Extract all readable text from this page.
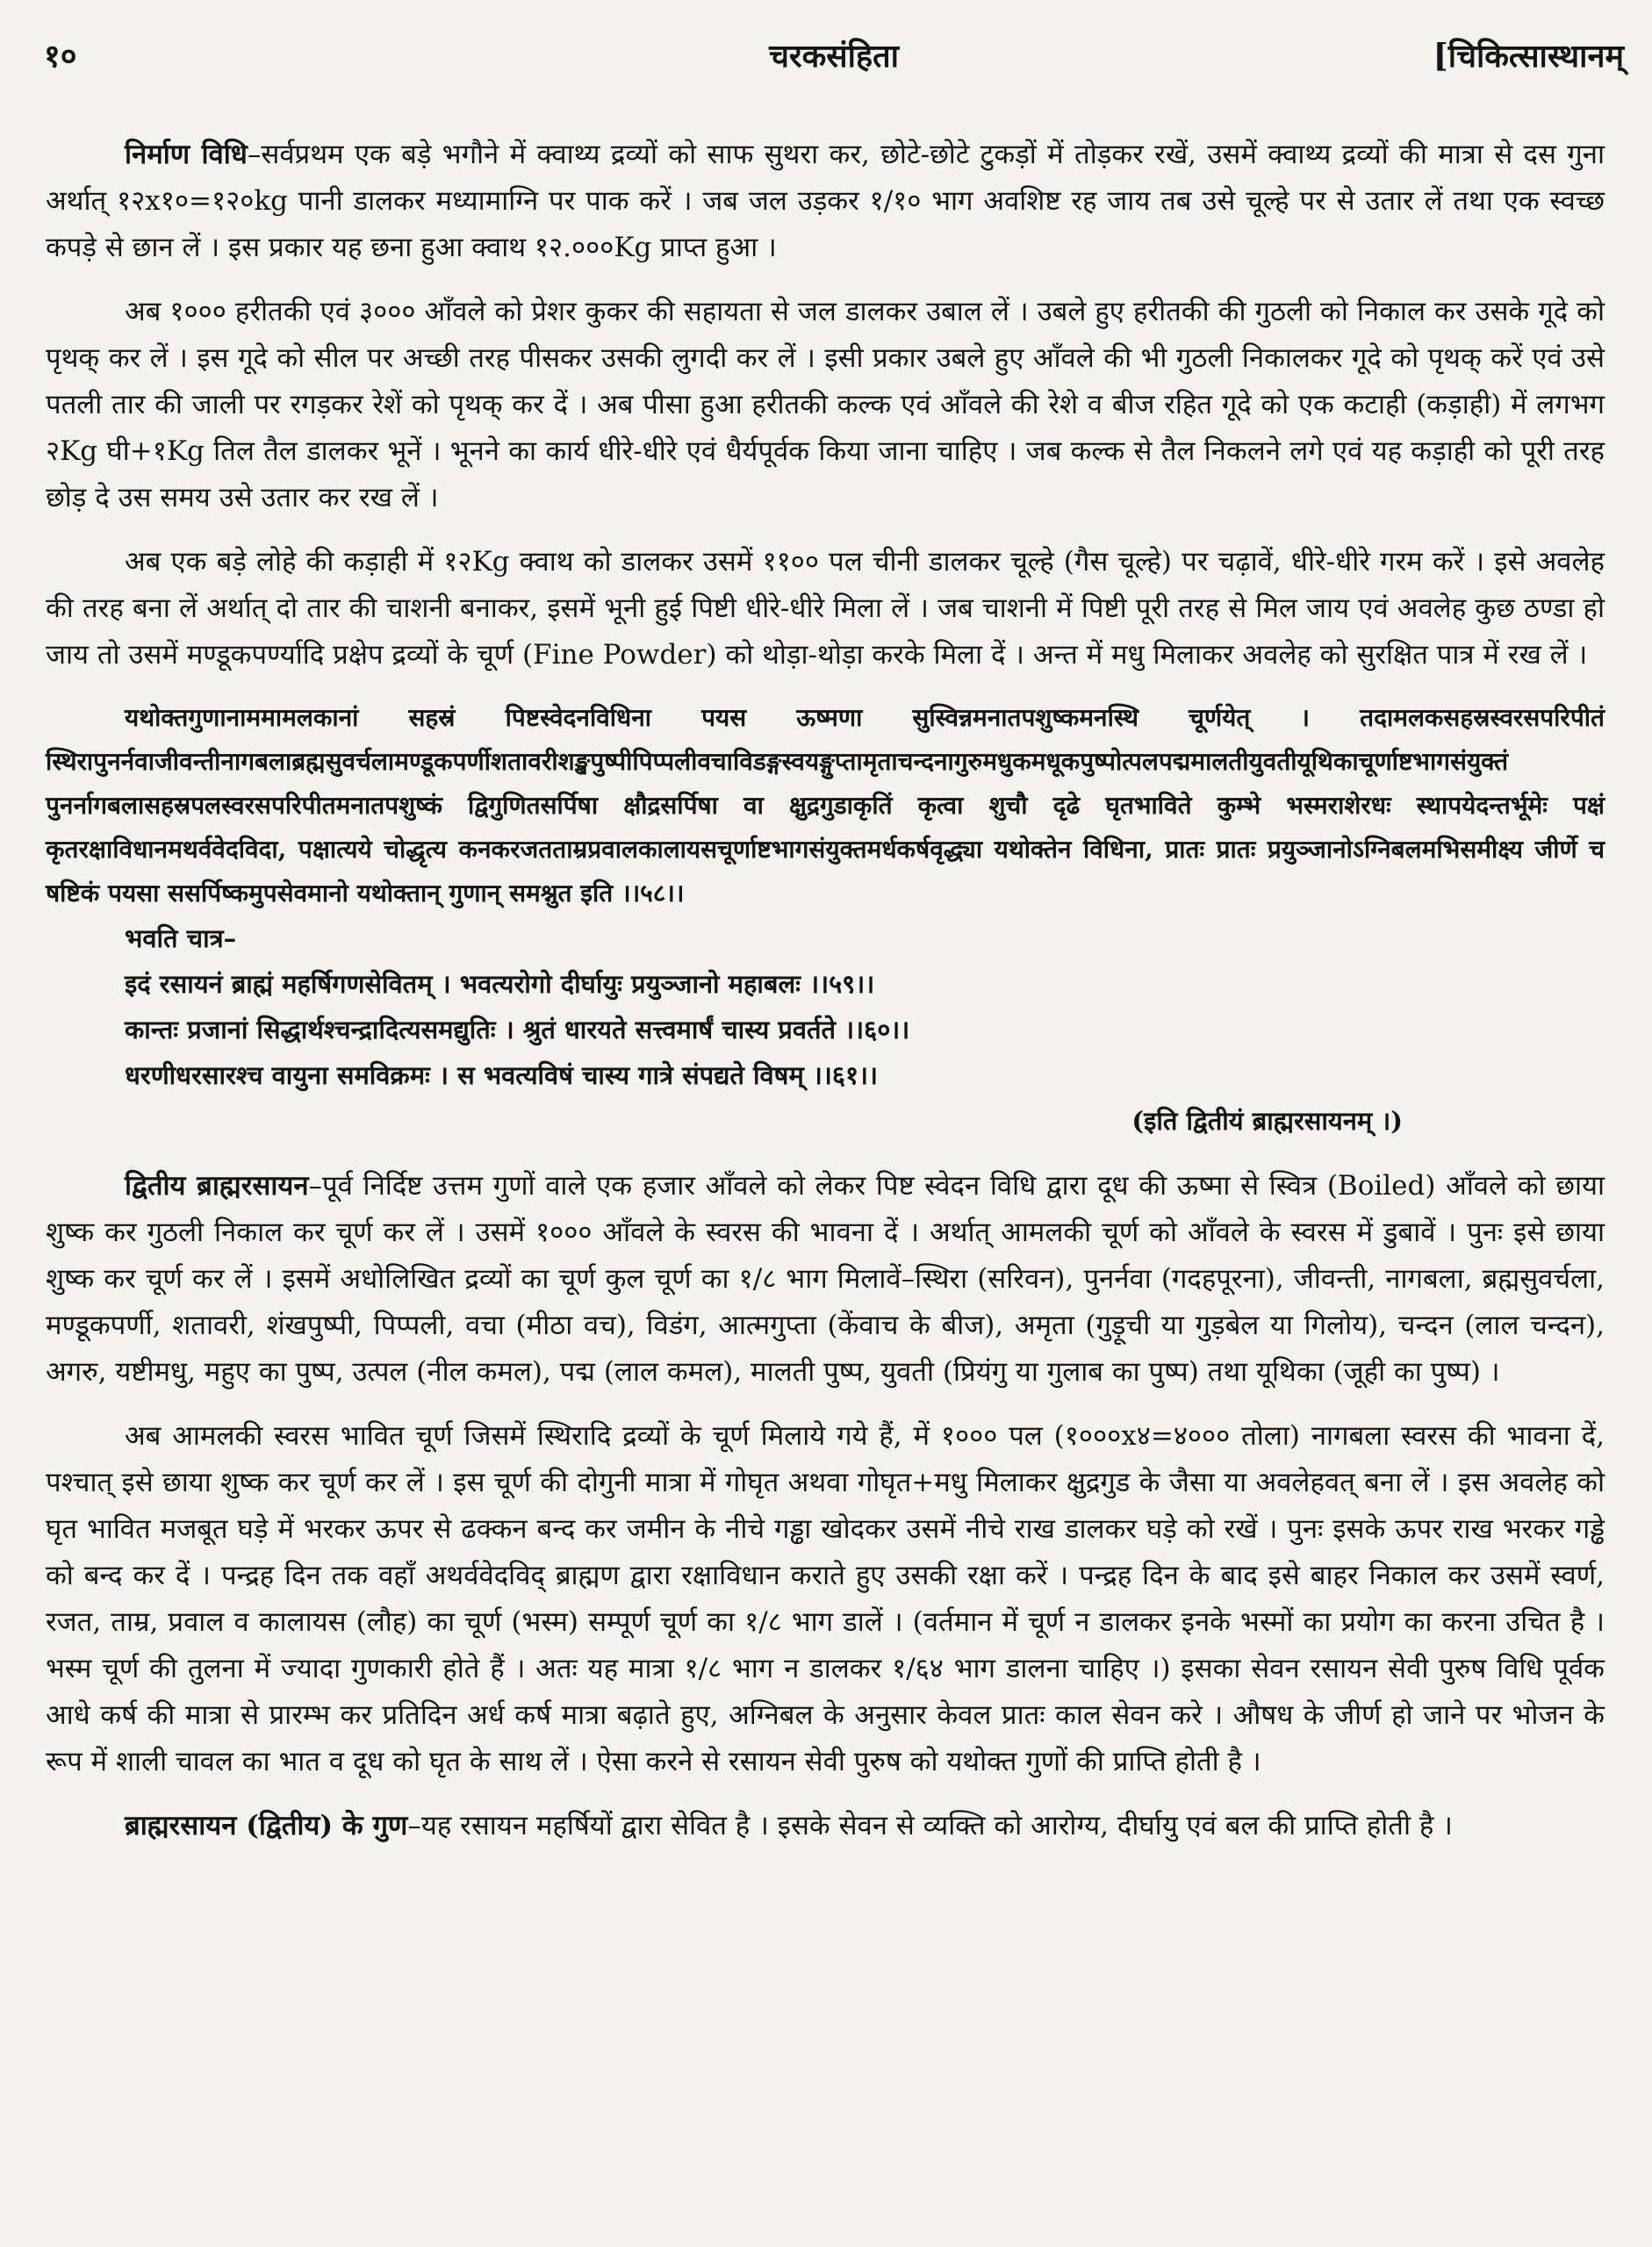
१०	चरकसंहिता	[चिकित्सास्थानम्

निर्माण विधि–सर्वप्रथम एक बड़े भगौने में क्वाथ्य द्रव्यों को साफ सुथरा कर, छोटे-छोटे टुकड़ों में तोड़कर रखें, उसमें क्वाथ्य द्रव्यों की मात्रा से दस गुना अर्थात् १२x१०=१२०kg पानी डालकर मध्यामाग्नि पर पाक करें । जब जल उड़कर १/१० भाग अवशिष्ट रह जाय तब उसे चूल्हे पर से उतार लें तथा एक स्वच्छ कपड़े से छान लें । इस प्रकार यह छना हुआ क्वाथ १२.०००Kg प्राप्त हुआ ।

अब १००० हरीतकी एवं ३००० आँवले को प्रेशर कुकर की सहायता से जल डालकर उबाल लें । उबले हुए हरीतकी की गुठली को निकाल कर उसके गूदे को पृथक् कर लें । इस गूदे को सील पर अच्छी तरह पीसकर उसकी लुगदी कर लें । इसी प्रकार उबले हुए आँवले की भी गुठली निकालकर गूदे को पृथक् करें एवं उसे पतली तार की जाली पर रगड़कर रेशें को पृथक् कर दें । अब पीसा हुआ हरीतकी कल्क एवं आँवले की रेशे व बीज रहित गूदे को एक कटाही (कड़ाही) में लगभग २Kg घी+१Kg तिल तैल डालकर भूनें । भूनने का कार्य धीरे-धीरे एवं धैर्यपूर्वक किया जाना चाहिए । जब कल्क से तैल निकलने लगे एवं यह कड़ाही को पूरी तरह छोड़ दे उस समय उसे उतार कर रख लें ।

अब एक बड़े लोहे की कड़ाही में १२Kg क्वाथ को डालकर उसमें ११०० पल चीनी डालकर चूल्हे (गैस चूल्हे) पर चढ़ावें, धीरे-धीरे गरम करें । इसे अवलेह की तरह बना लें अर्थात् दो तार की चाशनी बनाकर, इसमें भूनी हुई पिष्टी धीरे-धीरे मिला लें । जब चाशनी में पिष्टी पूरी तरह से मिल जाय एवं अवलेह कुछ ठण्डा हो जाय तो उसमें मण्डूकपर्ण्यादि प्रक्षेप द्रव्यों के चूर्ण (Fine Powder) को थोड़ा-थोड़ा करके मिला दें । अन्त में मधु मिलाकर अवलेह को सुरक्षित पात्र में रख लें ।

यथोक्तगुणानाममामलकानां सहस्रं पिष्टस्वेदनविधिना पयस ऊष्मणा सुस्विन्नमनातपशुष्कमनस्थि चूर्णयेत् । तदामलकसहस्रस्वरसपरिपीतं स्थिरापुनर्नवाजीवन्तीनागबलाब्रह्मसुवर्चलामण्डूकपर्णीशतावरीशङ्खपुष्पीपिप्पलीवचाविडङ्गस्वयङ्गुप्तामृताचन्दनागुरुमधुकमधूकपुष्पोत्पलपद्ममालतीयुवतीयूथिकाचूर्णाष्टभागसंयुक्तं पुनर्नागबलासहस्रपलस्वरसपरिपीतमनातपशुष्कं द्विगुणितसर्पिषा क्षौद्रसर्पिषा वा क्षुद्रगुडाकृतिं कृत्वा शुचौ दृढे घृतभाविते कुम्भे भस्मराशेरधः स्थापयेदन्तर्भूमेः पक्षं कृतरक्षाविधानमथर्ववेदविदा, पक्षात्यये चोद्धृत्य कनकरजतताम्रप्रवालकालायसचूर्णाष्टभागसंयुक्तमर्धकर्षवृद्ध्या यथोक्तेन विधिना, प्रातः प्रातः प्रयुञ्जानोऽग्निबलमभिसमीक्ष्य जीर्णे च षष्टिकं पयसा ससर्पिष्कमुपसेवमानो यथोक्तान् गुणान् समश्नुत इति ।।५८।।

भवति चात्र–
इदं रसायनं ब्राह्मं महर्षिगणसेवितम् । भवत्यरोगो दीर्घायुः प्रयुञ्जानो महाबलः ।।५९।।
कान्तः प्रजानां सिद्धार्थश्चन्द्रादित्यसमद्युतिः । श्रुतं धारयते सत्त्वमार्षं चास्य प्रवर्तते ।।६०।।
धरणीधरसारश्च वायुना समविक्रमः । स भवत्यविषं चास्य गात्रे संपद्यते विषम् ।।६१।।
(इति द्वितीयं ब्राह्मरसायनम् ।)

द्वितीय ब्राह्मरसायन–पूर्व निर्दिष्ट उत्तम गुणों वाले एक हजार आँवले को लेकर पिष्ट स्वेदन विधि द्वारा दूध की ऊष्मा से स्वित्र (Boiled) आँवले को छाया शुष्क कर गुठली निकाल कर चूर्ण कर लें । उसमें १००० आँवले के स्वरस की भावना दें । अर्थात् आमलकी चूर्ण को आँवले के स्वरस में डुबावें । पुनः इसे छाया शुष्क कर चूर्ण कर लें । इसमें अधोलिखित द्रव्यों का चूर्ण कुल चूर्ण का १/८ भाग मिलावें–स्थिरा (सरिवन), पुनर्नवा (गदहपूरना), जीवन्ती, नागबला, ब्रह्मसुवर्चला, मण्डूकपर्णी, शतावरी, शंखपुष्पी, पिप्पली, वचा (मीठा वच), विडंग, आत्मगुप्ता (केंवाच के बीज), अमृता (गुड़ूची या गुड़बेल या गिलोय), चन्दन (लाल चन्दन), अगरु, यष्टीमधु, महुए का पुष्प, उत्पल (नील कमल), पद्म (लाल कमल), मालती पुष्प, युवती (प्रियंगु या गुलाब का पुष्प) तथा यूथिका (जूही का पुष्प) ।

अब आमलकी स्वरस भावित चूर्ण जिसमें स्थिरादि द्रव्यों के चूर्ण मिलाये गये हैं, में १००० पल (१०००x४=४००० तोला) नागबला स्वरस की भावना दें, पश्चात् इसे छाया शुष्क कर चूर्ण कर लें । इस चूर्ण की दोगुनी मात्रा में गोघृत अथवा गोघृत+मधु मिलाकर क्षुद्रगुड के जैसा या अवलेहवत् बना लें । इस अवलेह को घृत भावित मजबूत घड़े में भरकर ऊपर से ढक्कन बन्द कर जमीन के नीचे गड्ढा खोदकर उसमें नीचे राख डालकर घड़े को रखें । पुनः इसके ऊपर राख भरकर गड्ढे को बन्द कर दें । पन्द्रह दिन तक वहाँ अथर्ववेदविद् ब्राह्मण द्वारा रक्षाविधान कराते हुए उसकी रक्षा करें । पन्द्रह दिन के बाद इसे बाहर निकाल कर उसमें स्वर्ण, रजत, ताम्र, प्रवाल व कालायस (लौह) का चूर्ण (भस्म) सम्पूर्ण चूर्ण का १/८ भाग डालें । (वर्तमान में चूर्ण न डालकर इनके भस्मों का प्रयोग का करना उचित है । भस्म चूर्ण की तुलना में ज्यादा गुणकारी होते हैं । अतः यह मात्रा १/८ भाग न डालकर १/६४ भाग डालना चाहिए ।) इसका सेवन रसायन सेवी पुरुष विधि पूर्वक आधे कर्ष की मात्रा से प्रारम्भ कर प्रतिदिन अर्ध कर्ष मात्रा बढ़ाते हुए, अग्निबल के अनुसार केवल प्रातः काल सेवन करे । औषध के जीर्ण हो जाने पर भोजन के रूप में शाली चावल का भात व दूध को घृत के साथ लें । ऐसा करने से रसायन सेवी पुरुष को यथोक्त गुणों की प्राप्ति होती है ।

ब्राह्मरसायन (द्वितीय) के गुण–यह रसायन महर्षियों द्वारा सेवित है । इसके सेवन से व्यक्ति को आरोग्य, दीर्घायु एवं बल की प्राप्ति होती है ।
